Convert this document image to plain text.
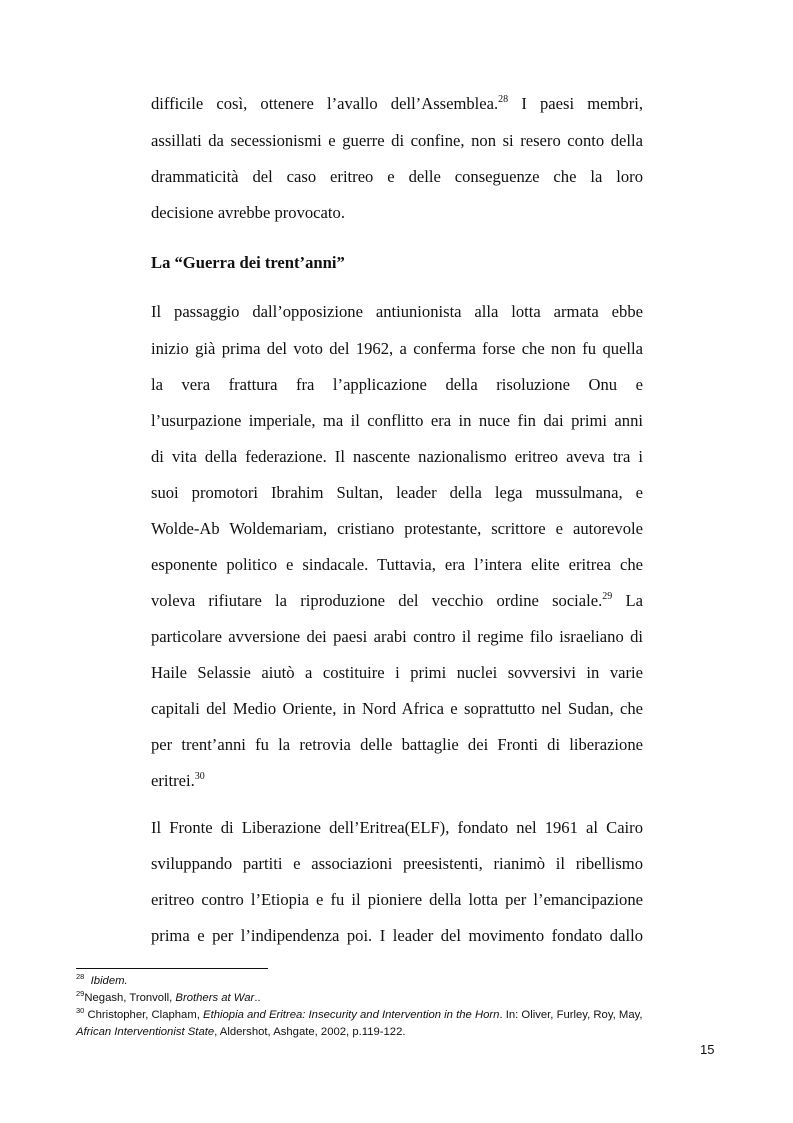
difficile così, ottenere l’avallo dell’Assemblea.$^{28}$ I paesi membri,
assillati da secessionismi e guerre di confine, non si resero conto della
drammaticità del caso eritreo e delle conseguenze che la loro
decisione avrebbe provocato.
La “Guerra dei trent’anni”
Il passaggio dall’opposizione antiunionista alla lotta armata ebbe
inizio già prima del voto del 1962, a conferma forse che non fu quella
la vera frattura fra l’applicazione della risoluzione Onu e
l’usurpazione imperiale, ma il conflitto era in nuce fin dai primi anni
di vita della federazione. Il nascente nazionalismo eritreo aveva tra i
suoi promotori Ibrahim Sultan, leader della lega mussulmana, e
Wolde-Ab Woldemariam, cristiano protestante, scrittore e autorevole
esponente politico e sindacale. Tuttavia, era l’intera elite eritrea che
voleva rifiutare la riproduzione del vecchio ordine sociale.$^{29}$ La
particolare avversione dei paesi arabi contro il regime filo israeliano di
Haile Selassie aiutò a costituire i primi nuclei sovversivi in varie
capitali del Medio Oriente, in Nord Africa e soprattutto nel Sudan, che
per trent’anni fu la retrovia delle battaglie dei Fronti di liberazione
eritrei.$^{30}$
Il Fronte di Liberazione dell’Eritrea(ELF), fondato nel 1961 al Cairo
sviluppando partiti e associazioni preesistenti, rianimò il ribellismo
eritreo contro l’Etiopia e fu il pioniere della lotta per l’emancipazione
prima e per l’indipendenza poi. I leader del movimento fondato dallo
$^{28}$ Ibidem.
$^{29}$Negash, Tronvoll, Brothers at War..
$^{30}$ Christopher, Clapham, Ethiopia and Eritrea: Insecurity and Intervention in the Horn. In: Oliver, Furley, Roy, May,
African Interventionist State, Aldershot, Ashgate, 2002, p.119-122.
15
